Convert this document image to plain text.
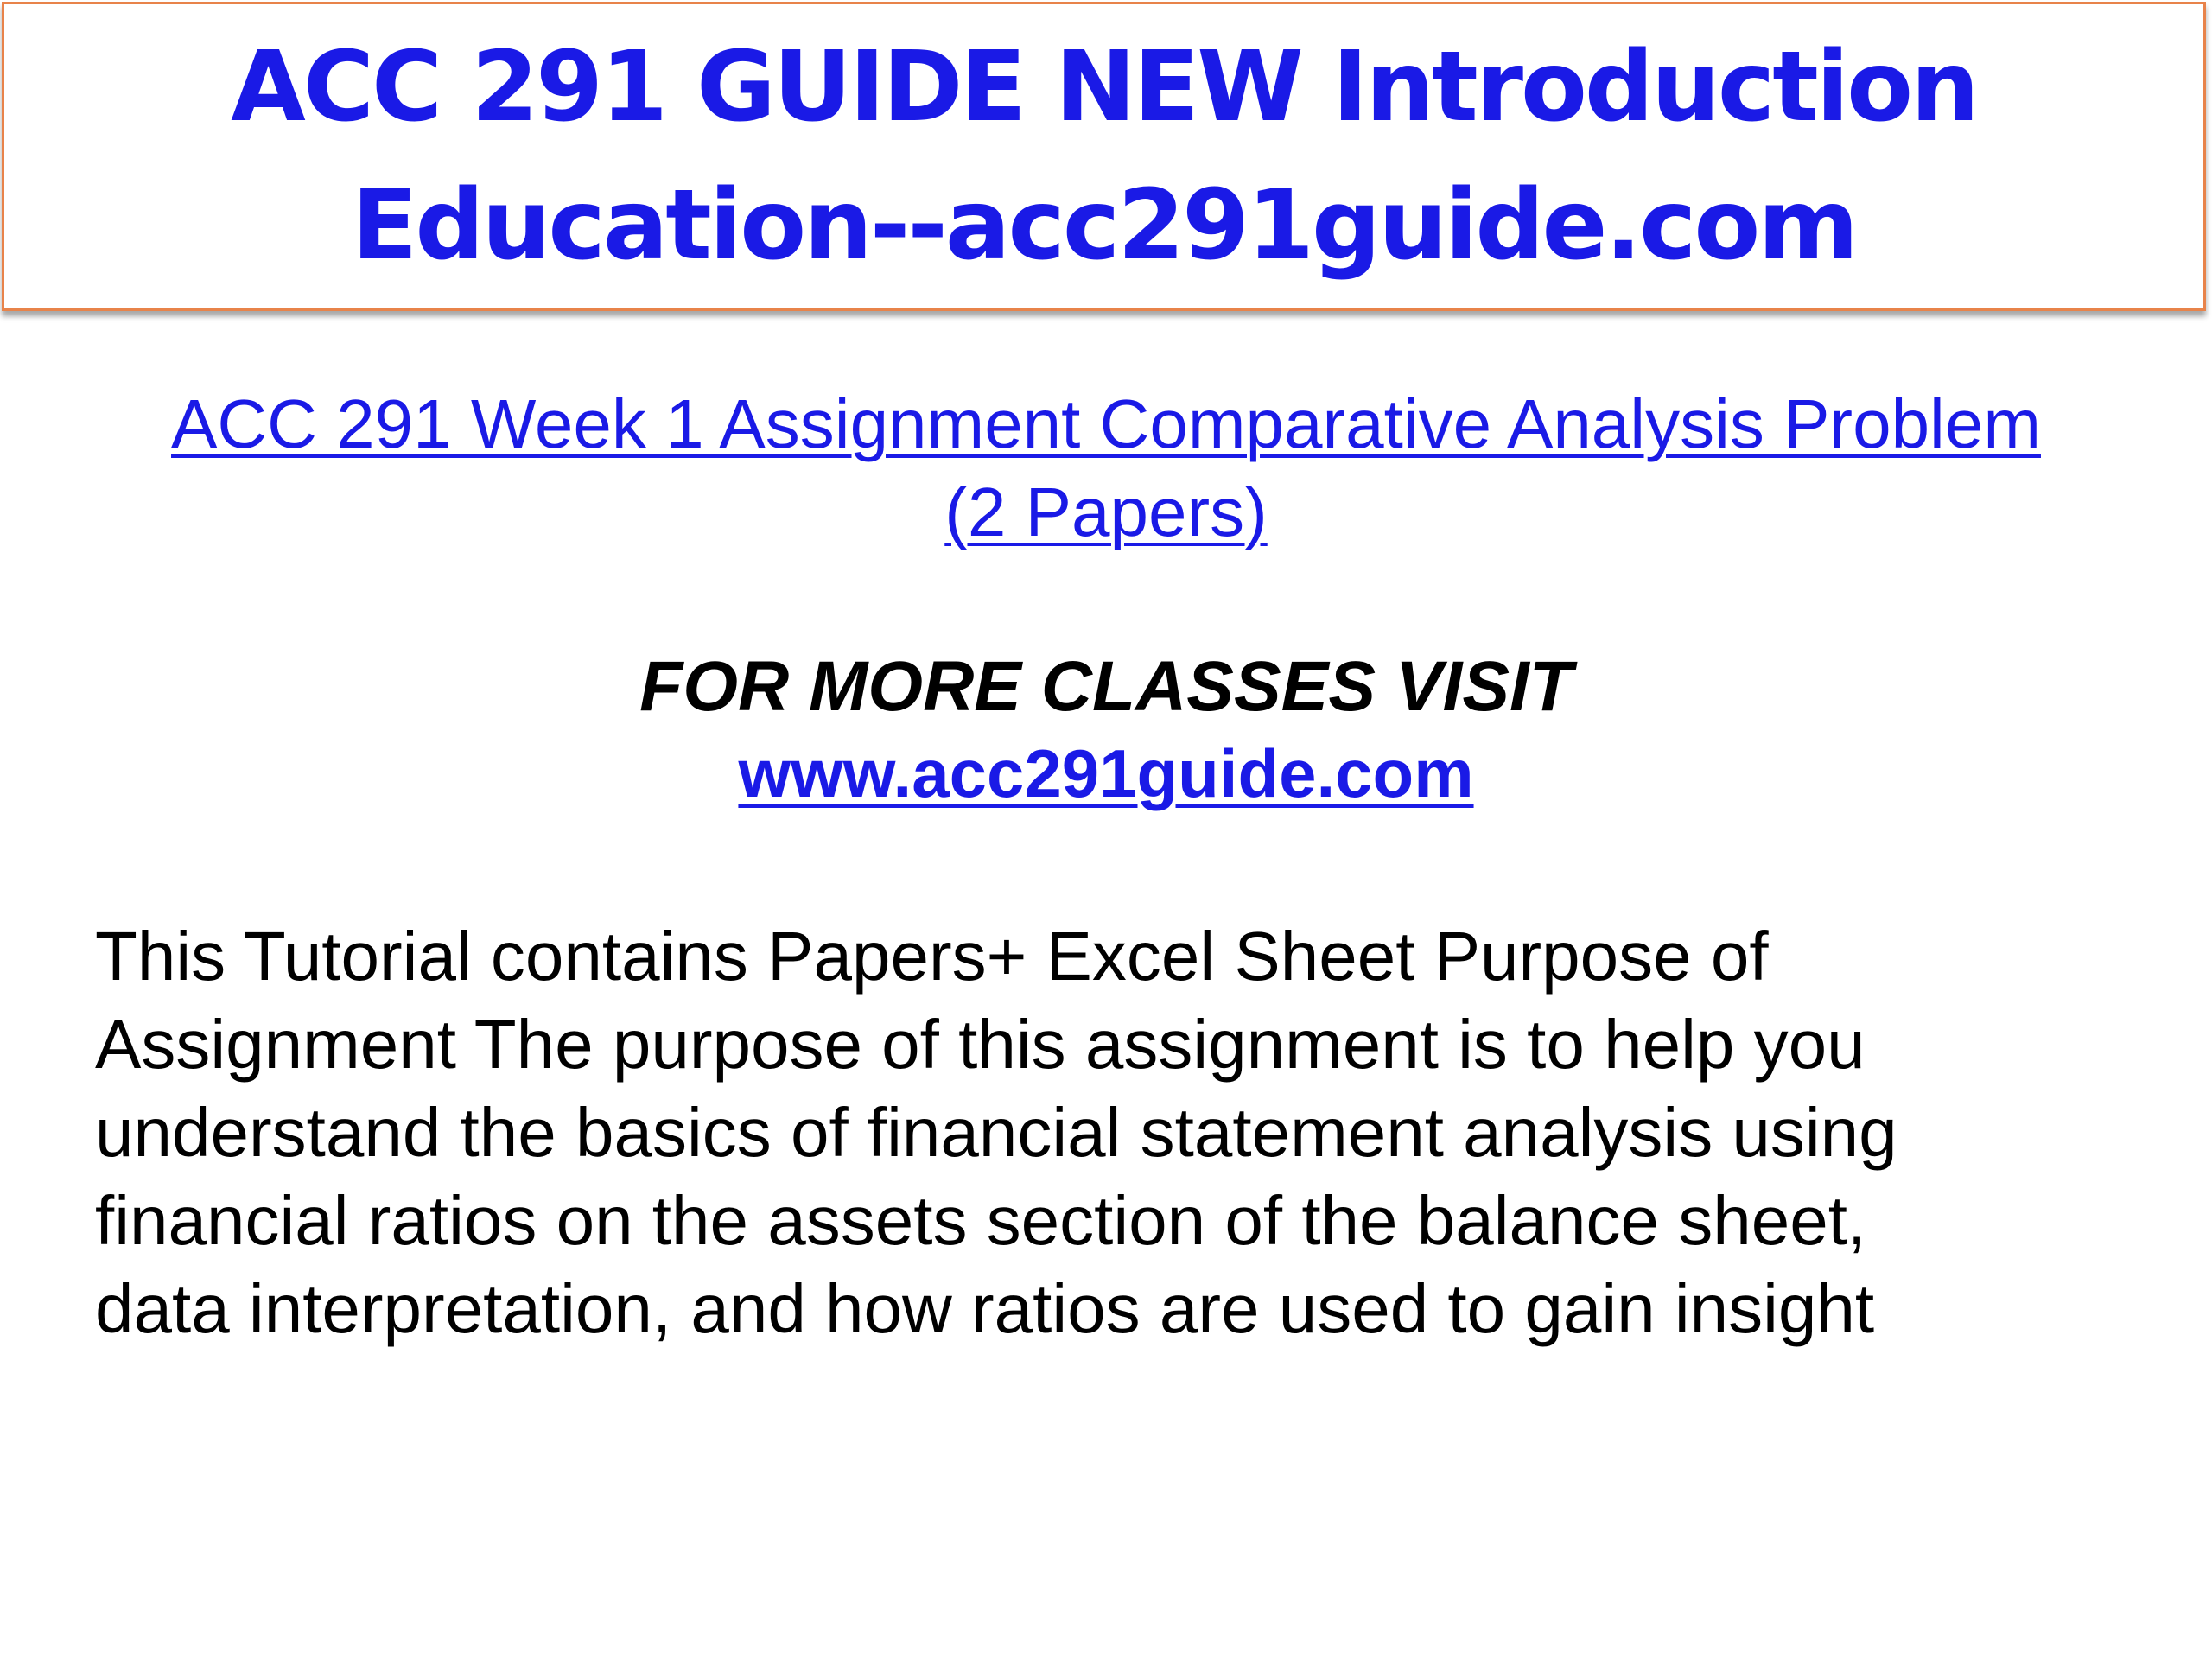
ACC 291 GUIDE NEW Introduction
Education--acc291guide.com
ACC 291 Week 1 Assignment Comparative Analysis Problem
(2 Papers)
FOR MORE CLASSES VISIT
www.acc291guide.com

This Tutorial contains Papers+ Excel Sheet Purpose of
Assignment The purpose of this assignment is to help you
understand the basics of financial statement analysis using
financial ratios on the assets section of the balance sheet,
data interpretation, and how ratios are used to gain insight
